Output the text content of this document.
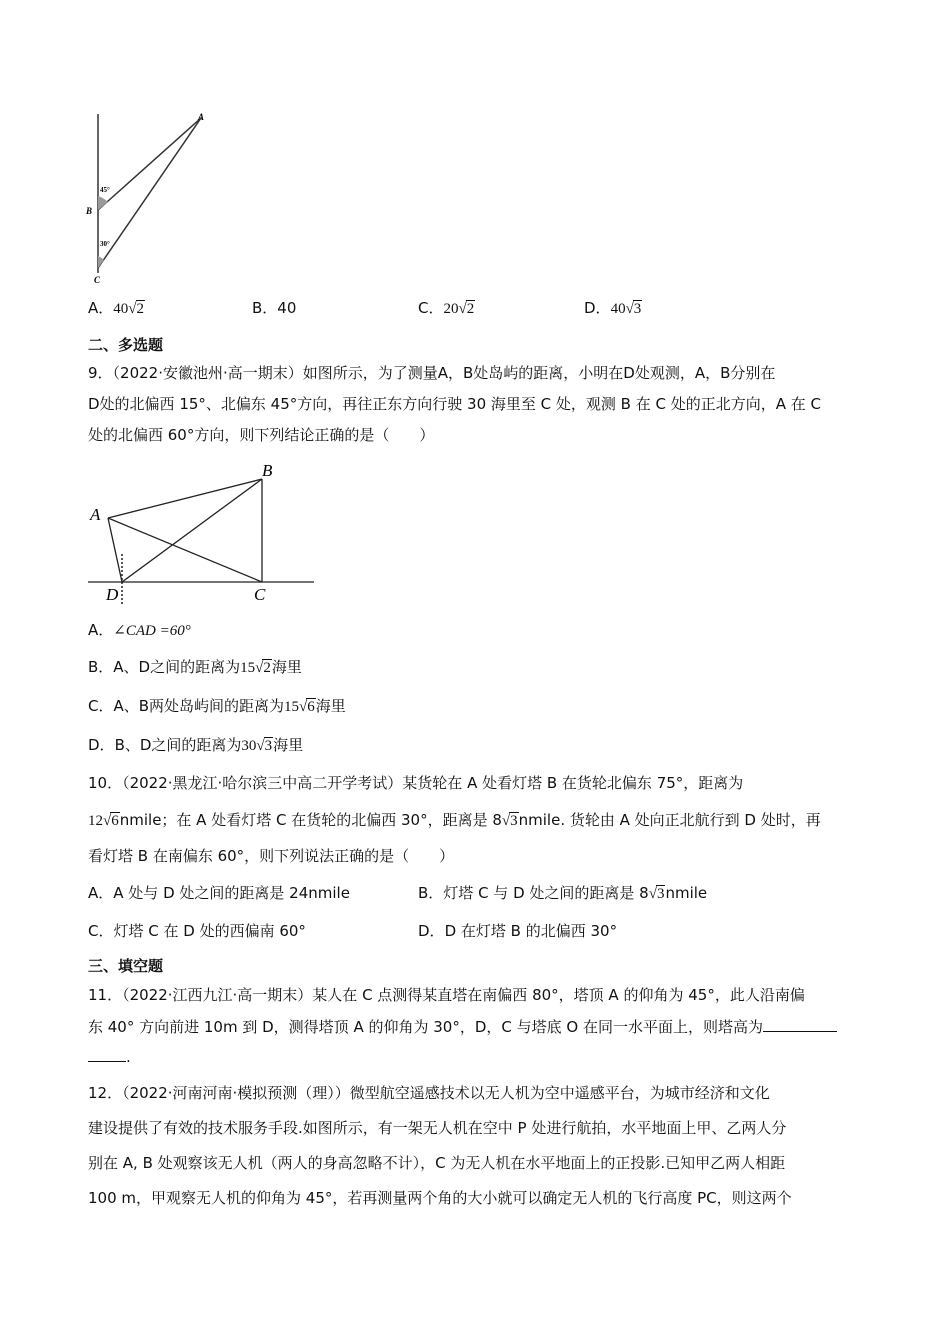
A
B
C
45°
30°
A．40√2	B．40	C．20√2	D．40√3
二、多选题
9．（2022·安徽池州·高一期末）如图所示，为了测量A，B处岛屿的距离，小明在D处观测，A，B分别在
D处的北偏西 15°、北偏东 45°方向，再往正东方向行驶 30 海里至 C 处，观测 B 在 C 处的正北方向，A 在 C
处的北偏西 60°方向，则下列结论正确的是（　　）
A
B
C
D
A．∠CAD =60°
B．A、D之间的距离为15√2海里
C．A、B两处岛屿间的距离为15√6海里
D．B、D之间的距离为30√3海里
10．（2022·黑龙江·哈尔滨三中高二开学考试）某货轮在 A 处看灯塔 B 在货轮北偏东 75°，距离为
12√6nmile；在 A 处看灯塔 C 在货轮的北偏西 30°，距离是 8√3nmile. 货轮由 A 处向正北航行到 D 处时，再
看灯塔 B 在南偏东 60°，则下列说法正确的是（　　）
A．A 处与 D 处之间的距离是 24nmile	B．灯塔 C 与 D 处之间的距离是 8√3nmile
C．灯塔 C 在 D 处的西偏南 60°	D．D 在灯塔 B 的北偏西 30°
三、填空题
11．（2022·江西九江·高一期末）某人在 C 点测得某直塔在南偏西 80°，塔顶 A 的仰角为 45°，此人沿南偏
东 40° 方向前进 10m 到 D，测得塔顶 A 的仰角为 30°，D，C 与塔底 O 在同一水平面上，则塔高为
.
12．（2022·河南河南·模拟预测（理））微型航空遥感技术以无人机为空中遥感平台，为城市经济和文化
建设提供了有效的技术服务手段.如图所示，有一架无人机在空中 P 处进行航拍，水平地面上甲、乙两人分
别在 A, B 处观察该无人机（两人的身高忽略不计），C 为无人机在水平地面上的正投影.已知甲乙两人相距
100 m，甲观察无人机的仰角为 45°，若再测量两个角的大小就可以确定无人机的飞行高度 PC，则这两个
